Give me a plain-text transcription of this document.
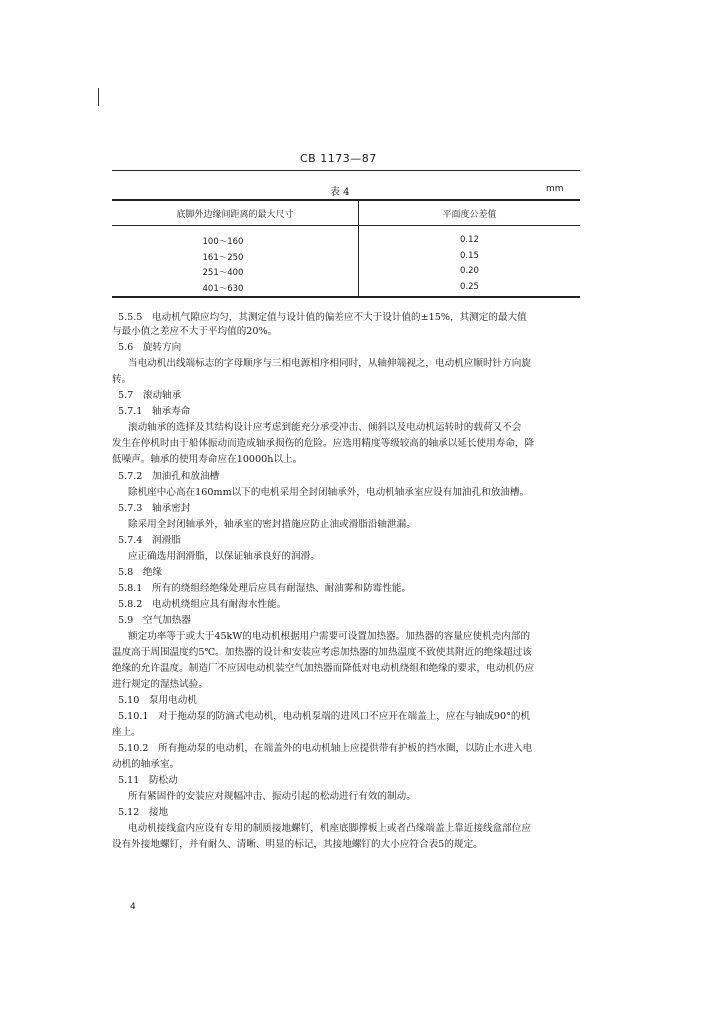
CB 1173—87
表 4	mm
底脚外边缘间距离的最大尺寸	平面度公差值
100～160	0.12
161～250	0.15
251～400	0.20
401～630	0.25
5.5.5　电动机气隙应均匀，其测定值与设计值的偏差应不大于设计值的±15%，其测定的最大值
与最小值之差应不大于平均值的20%。
5.6　旋转方向
当电动机出线端标志的字母顺序与三相电源相序相同时，从轴伸端视之，电动机应顺时针方向旋
转。
5.7　滚动轴承
5.7.1　轴承寿命
滚动轴承的选择及其结构设计应考虑到能充分承受冲击、倾斜以及电动机运转时的载荷又不会
发生在停机时由于船体振动而造成轴承损伤的危险。应选用精度等级较高的轴承以延长使用寿命，降
低噪声。轴承的使用寿命应在10000h以上。
5.7.2　加油孔和放油槽
除机座中心高在160mm以下的电机采用全封闭轴承外，电动机轴承室应设有加油孔和放油槽。
5.7.3　轴承密封
除采用全封闭轴承外，轴承室的密封措施应防止油或滑脂沿轴泄漏。
5.7.4　润滑脂
应正确选用润滑脂，以保证轴承良好的润滑。
5.8　绝缘
5.8.1　所有的绕组经绝缘处理后应具有耐湿热、耐油雾和防霉性能。
5.8.2　电动机绕组应具有耐海水性能。
5.9　空气加热器
额定功率等于或大于45kW的电动机根据用户需要可设置加热器。加热器的容量应使机壳内部的
温度高于周围温度约5℃。加热器的设计和安装应考虑加热器的加热温度不致使其附近的绝缘超过该
绝缘的允许温度。制造厂不应因电动机装空气加热器而降低对电动机绕组和绝缘的要求，电动机仍应
进行规定的湿热试验。
5.10　泵用电动机
5.10.1　对于拖动泵的防滴式电动机，电动机泵端的进风口不应开在端盖上，应在与轴成90°的机
座上。
5.10.2　所有拖动泵的电动机，在端盖外的电动机轴上应提供带有护板的挡水圈，以防止水进入电
动机的轴承室。
5.11　防松动
所有紧固件的安装应对规幅冲击、振动引起的松动进行有效的制动。
5.12　接地
电动机接线盒内应设有专用的制质接地螺钉，机座底脚撑板上或者凸缘端盖上靠近接线盒部位应
设有外接地螺钉，并有耐久、清晰、明显的标记，其接地螺钉的大小应符合表5的规定。
4
